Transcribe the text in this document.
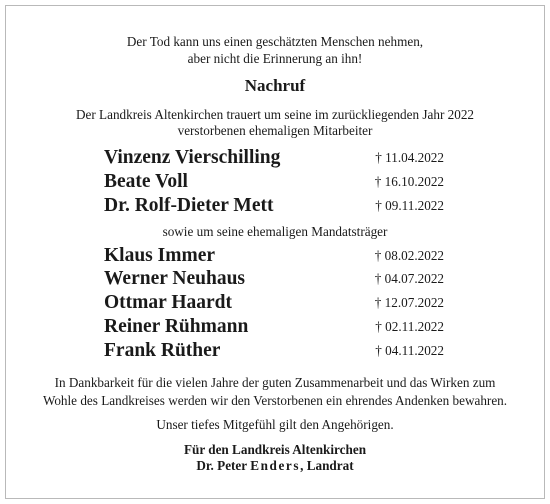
Der Tod kann uns einen geschätzten Menschen nehmen,
aber nicht die Erinnerung an ihn!
Nachruf
Der Landkreis Altenkirchen trauert um seine im zurückliegenden Jahr 2022
verstorbenen ehemaligen Mitarbeiter
Vinzenz Vierschilling	† 11.04.2022
Beate Voll	† 16.10.2022
Dr. Rolf-Dieter Mett	† 09.11.2022
sowie um seine ehemaligen Mandatsträger
Klaus Immer	† 08.02.2022
Werner Neuhaus	† 04.07.2022
Ottmar Haardt	† 12.07.2022
Reiner Rühmann	† 02.11.2022
Frank Rüther	† 04.11.2022
In Dankbarkeit für die vielen Jahre der guten Zusammenarbeit und das Wirken zum
Wohle des Landkreises werden wir den Verstorbenen ein ehrendes Andenken bewahren.
Unser tiefes Mitgefühl gilt den Angehörigen.
Für den Landkreis Altenkirchen
Dr. Peter Enders, Landrat
